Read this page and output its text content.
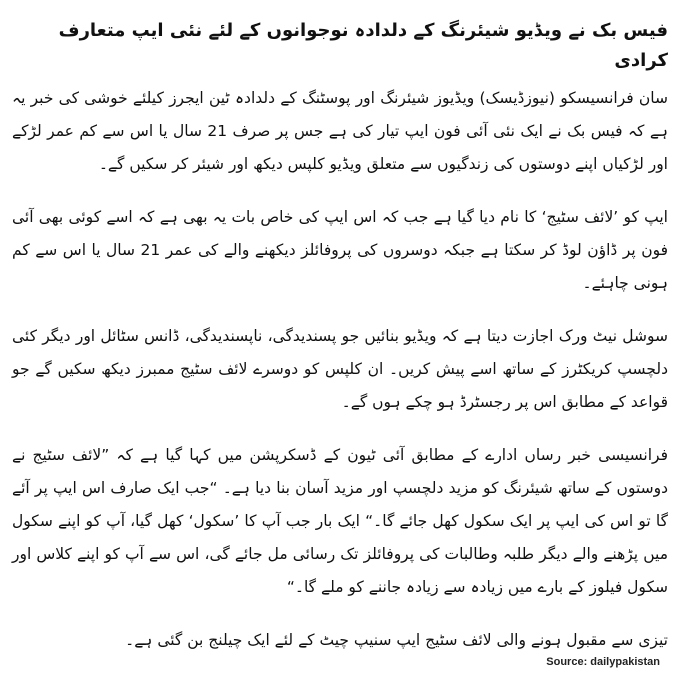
فیس بک نے ویڈیو شیئرنگ کے دلدادہ نوجوانوں کے لئے نئی ایپ متعارف کرادی

سان فرانسیسکو (نیوزڈیسک) ویڈیوز شیئرنگ اور پوسٹنگ کے دلدادہ ٹین ایجرز کیلئے خوشی کی خبر یہ ہے کہ فیس بک نے ایک نئی آئی فون ایپ تیار کی ہے جس پر صرف 21 سال یا اس سے کم عمر لڑکے اور لڑکیاں اپنے دوستوں کی زندگیوں سے متعلق ویڈیو کلپس دیکھ اور شیئر کر سکیں گے۔

ایپ کو ’لائف سٹیج‘ کا نام دیا گیا ہے جب کہ اس ایپ کی خاص بات یہ بھی ہے کہ اسے کوئی بھی آئی فون پر ڈاﺅن لوڈ کر سکتا ہے جبکہ دوسروں کی پروفائلز دیکھنے والے کی عمر 21 سال یا اس سے کم ہونی چاہئے۔

سوشل نیٹ ورک اجازت دیتا ہے کہ ویڈیو بنائیں جو پسندیدگی، ناپسندیدگی، ڈانس سٹائل اور دیگر کئی دلچسپ کریکٹرز کے ساتھ اسے پیش کریں۔ ان کلپس کو دوسرے لائف سٹیج ممبرز دیکھ سکیں گے جو قواعد کے مطابق اس پر رجسٹرڈ ہو چکے ہوں گے۔

فرانسیسی خبر رساں ادارے کے مطابق آئی ٹیون کے ڈسکرپشن میں کہا گیا ہے کہ ”لائف سٹیج نے دوستوں کے ساتھ شیئرنگ کو مزید دلچسپ اور مزید آسان بنا دیا ہے۔ “جب ایک صارف اس ایپ پر آئے گا تو اس کی ایپ پر ایک سکول کھل جائے گا۔“ ایک بار جب آپ کا ’سکول‘ کھل گیا، آپ کو اپنے سکول میں پڑھنے والے دیگر طلبہ وطالبات کی پروفائلز تک رسائی مل جائے گی، اس سے آپ کو اپنے کلاس اور سکول فیلوز کے بارے میں زیادہ سے زیادہ جاننے کو ملے گا۔“

تیزی سے مقبول ہونے والی لائف سٹیج ایپ سنیپ چیٹ کے لئے ایک چیلنج بن گئی ہے۔

Source: dailypakistan
